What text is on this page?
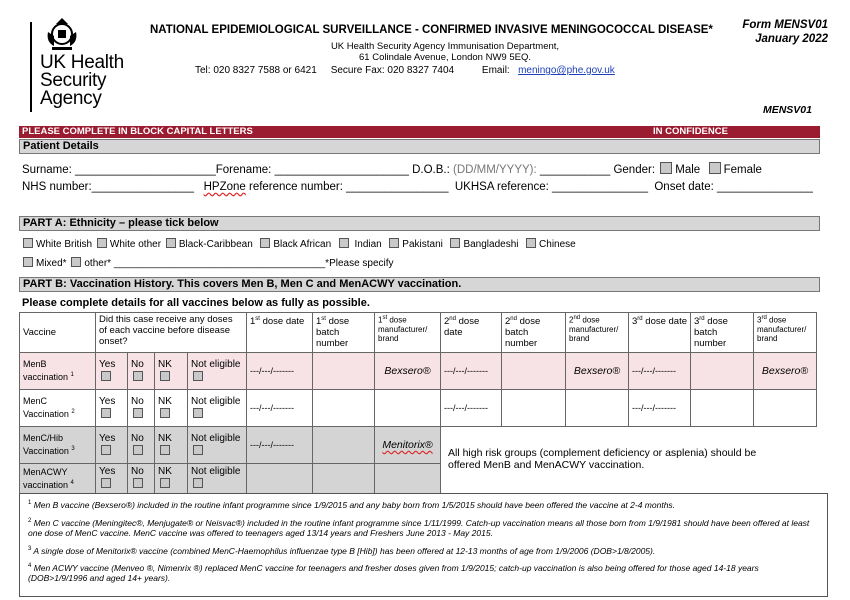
UK Health
Security
Agency
NATIONAL EPIDEMIOLOGICAL SURVEILLANCE - CONFIRMED INVASIVE MENINGOCOCCAL DISEASE*
UK Health Security Agency Immunisation Department,
61 Colindale Avenue, London NW9 5EQ.
Tel: 020 8327 7588 or 6421 Secure Fax: 020 8327 7404	Email: meningo@phe.gov.uk
Form MENSV01
January 2022
MENSV01
PLEASE COMPLETE IN BLOCK CAPITAL LETTERS	IN CONFIDENCE
Patient Details
Surname: ______________________Forename: _____________________ D.O.B.: (DD/MM/YYYY): ___________ Gender: Male Female
NHS number:________________ HPZone reference number: ________________ UKHSA reference: _______________ Onset date: _______________
PART A: Ethnicity – please tick below
White British White other Black-Caribbean Black African Indian Pakistani Bangladeshi Chinese
Mixed* other* ______________________________________*Please specify
PART B: Vaccination History. This covers Men B, Men C and MenACWY vaccination.
Please complete details for all vaccines below as fully as possible.
Vaccine	Did this case receive any doses of each vaccine before disease onset?				1st dose date	1st dose batch number	1st dose manufacturer/ brand	2nd dose date	2nd dose batch number	2nd dose manufacturer/ brand	3rd dose date	3rd dose batch number	3rd dose manufacturer/ brand
MenB vaccination $^1$	Yes	No	NK	Not eligible	---/---/-------		Bexsero®	---/---/-------		Bexsero®	---/---/-------		Bexsero®
MenC Vaccination $^2$	Yes	No	NK	Not eligible	---/---/-------			---/---/-------			---/---/-------		
MenC/Hib Vaccination $^3$	Yes	No	NK	Not eligible	---/---/-------		Menitorix®						
MenACWY vaccination $^4$	Yes	No	NK	Not eligible									
All high risk groups (complement deficiency or asplenia) should be offered MenB and MenACWY vaccination.

$^1$ Men B vaccine (Bexsero®) included in the routine infant programme since 1/9/2015 and any baby born from 1/5/2015 should have been offered the vaccine at 2-4 months.

$^2$ Men C vaccine (Meningitec®, Menjugate® or Neisvac®) included in the routine infant programme since 1/11/1999. Catch-up vaccination means all those born from 1/9/1981 should have been offered at least one dose of MenC vaccine. MenC vaccine was offered to teenagers aged 13/14 years and Freshers June 2013 - May 2015.

$^3$ A single dose of Menitorix® vaccine (combined MenC-Haemophilus influenzae type B [Hib]) has been offered at 12-13 months of age from 1/9/2006 (DOB>1/8/2005).

$^4$ Men ACWY vaccine (Menveo ®, Nimenrix ®) replaced MenC vaccine for teenagers and fresher doses given from 1/9/2015; catch-up vaccination is also being offered for those aged 14-18 years (DOB>1/9/1996 and aged 14+ years).
